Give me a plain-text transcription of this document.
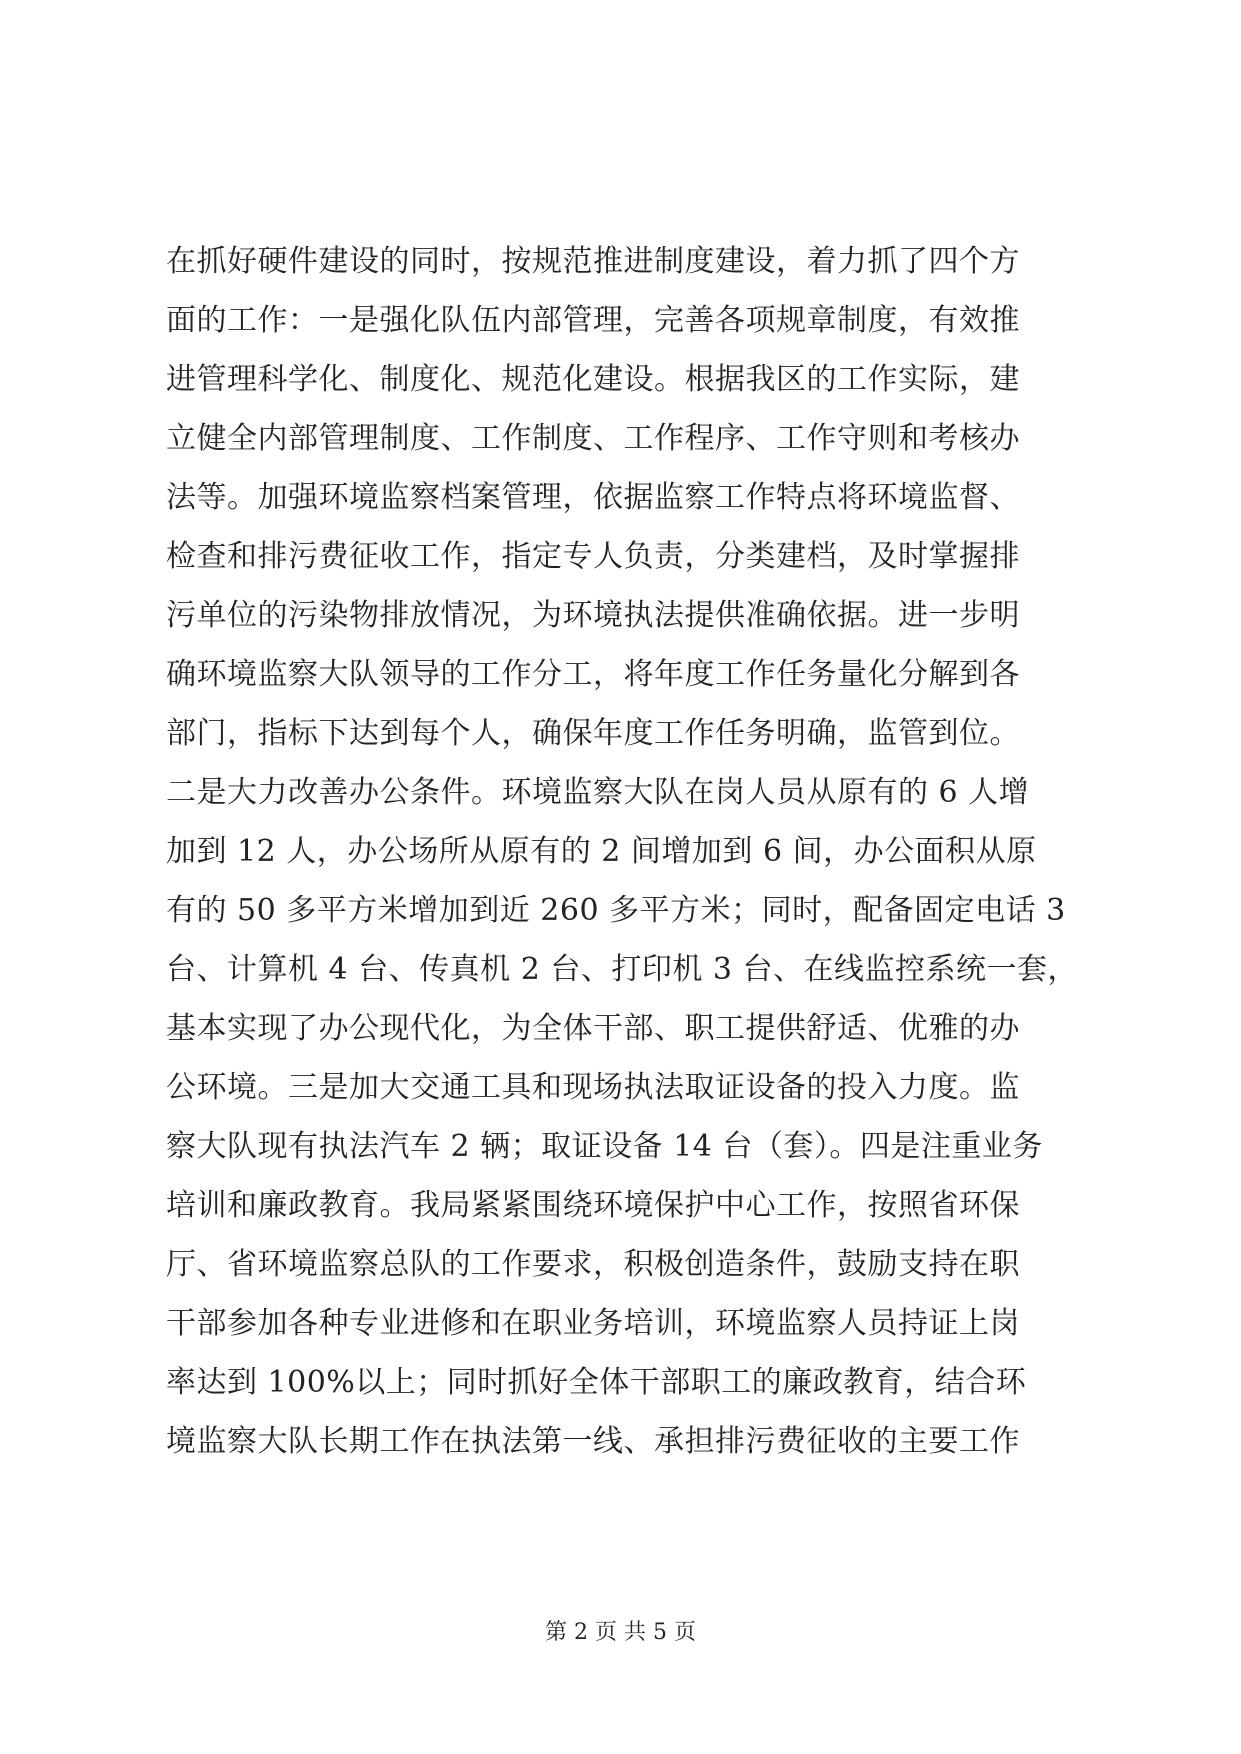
在抓好硬件建设的同时，按规范推进制度建设，着力抓了四个方
面的工作：一是强化队伍内部管理，完善各项规章制度，有效推
进管理科学化、制度化、规范化建设。根据我区的工作实际，建
立健全内部管理制度、工作制度、工作程序、工作守则和考核办
法等。加强环境监察档案管理，依据监察工作特点将环境监督、
检查和排污费征收工作，指定专人负责，分类建档，及时掌握排
污单位的污染物排放情况，为环境执法提供准确依据。进一步明
确环境监察大队领导的工作分工，将年度工作任务量化分解到各
部门，指标下达到每个人，确保年度工作任务明确，监管到位。
二是大力改善办公条件。环境监察大队在岗人员从原有的 6 人增
加到 12 人，办公场所从原有的 2 间增加到 6 间，办公面积从原
有的 50 多平方米增加到近 260 多平方米；同时，配备固定电话 3
台、计算机 4 台、传真机 2 台、打印机 3 台、在线监控系统一套，
基本实现了办公现代化，为全体干部、职工提供舒适、优雅的办
公环境。三是加大交通工具和现场执法取证设备的投入力度。监
察大队现有执法汽车 2 辆；取证设备 14 台（套）。四是注重业务
培训和廉政教育。我局紧紧围绕环境保护中心工作，按照省环保
厅、省环境监察总队的工作要求，积极创造条件，鼓励支持在职
干部参加各种专业进修和在职业务培训，环境监察人员持证上岗
率达到 100%以上；同时抓好全体干部职工的廉政教育，结合环
境监察大队长期工作在执法第一线、承担排污费征收的主要工作
第 2 页 共 5 页
